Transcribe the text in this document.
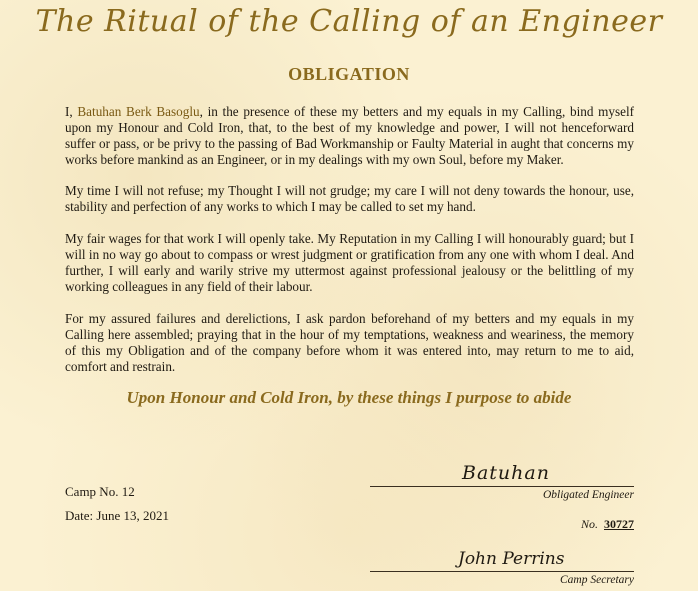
The Ritual of the Calling of an Engineer
OBLIGATION

I, Batuhan Berk Basoglu, in the presence of these my betters and my equals in my Calling, bind myself upon my Honour and Cold Iron, that, to the best of my knowledge and power, I will not henceforward suffer or pass, or be privy to the passing of Bad Workmanship or Faulty Material in aught that concerns my works before mankind as an Engineer, or in my dealings with my own Soul, before my Maker.

My time I will not refuse; my Thought I will not grudge; my care I will not deny towards the honour, use, stability and perfection of any works to which I may be called to set my hand.

My fair wages for that work I will openly take. My Reputation in my Calling I will honourably guard; but I will in no way go about to compass or wrest judgment or gratification from any one with whom I deal. And further, I will early and warily strive my uttermost against professional jealousy or the belittling of my working colleagues in any field of their labour.

For my assured failures and derelictions, I ask pardon beforehand of my betters and my equals in my Calling here assembled; praying that in the hour of my temptations, weakness and weariness, the memory of this my Obligation and of the company before whom it was entered into, may return to me to aid, comfort and restrain.

Upon Honour and Cold Iron, by these things I purpose to abide
Camp No. 12
Date: June 13, 2021
Batuhan
Obligated Engineer
No. 30727
John Perrins
Camp Secretary
